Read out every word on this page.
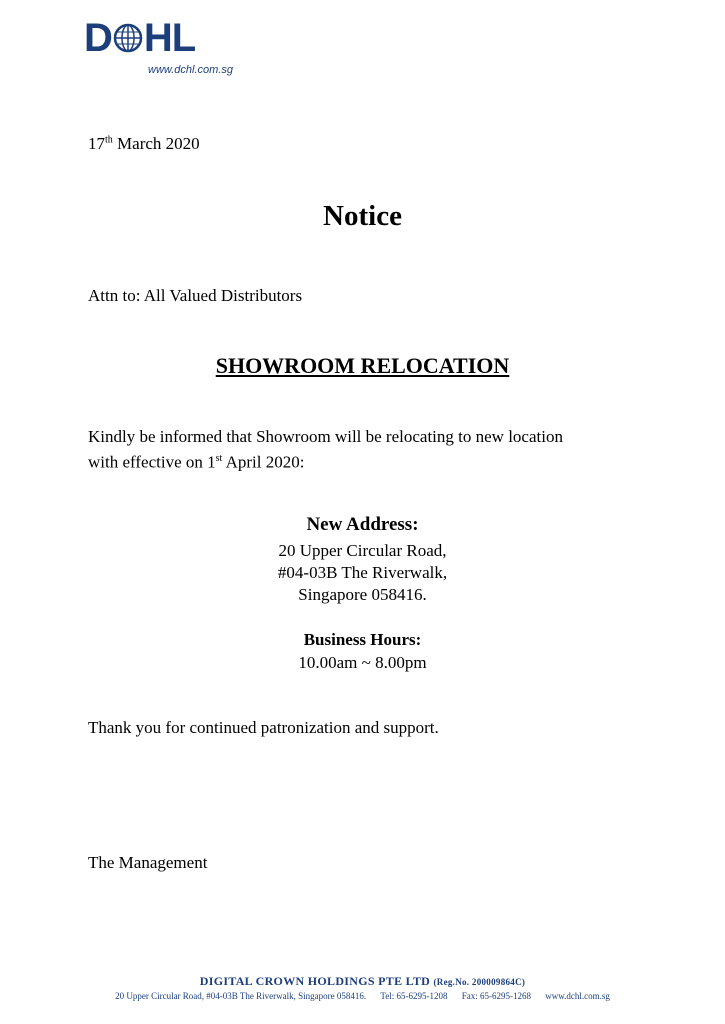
D HL
www.dchl.com.sg
17th March 2020
Notice
Attn to: All Valued Distributors
SHOWROOM RELOCATION
Kindly be informed that Showroom will be relocating to new location
with effective on 1st April 2020:
New Address:
20 Upper Circular Road,
#04-03B The Riverwalk,
Singapore 058416.
Business Hours:
10.00am ~ 8.00pm
Thank you for continued patronization and support.
The Management
DIGITAL CROWN HOLDINGS PTE LTD (Reg.No. 200009864C)
20 Upper Circular Road, #04-03B The Riverwalk, Singapore 058416. Tel: 65-6295-1208 Fax: 65-6295-1268 www.dchl.com.sg
